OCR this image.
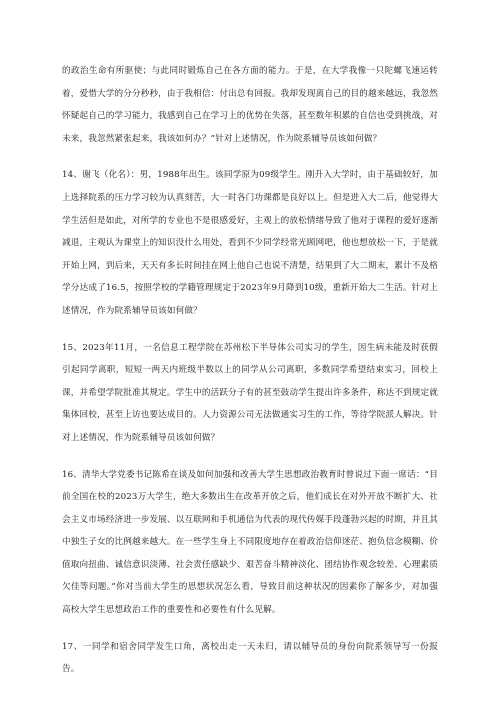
的政治生命有所驱使；与此同时锻炼自己在各方面的能力。于是，在大学我像一只陀螺飞速运转着，爱惜大学的分分秒秒，由于我相信：付出总有回报。我却发现离自己的目的越来越远，我忽然怀疑起自己的学习能力，我感到自己在学习上的优势在失落，甚至数年积累的自信也受到挑战，对未来，我忽然紧张起来，我该如何办？”针对上述情况，作为院系辅导员该如何做？

14、谢飞（化名）：男，1988年出生。该同学原为09级学生。刚升入大学时，由于基础较好，加上选择院系的压力学习较为认真刻苦，大一时各门功课都是良好以上。但是进入大二后，他觉得大学生活但是如此，对所学的专业也不是很感爱好，主观上的放松情绪导致了他对于课程的爱好逐渐减退，主观认为课堂上的知识没什么用处，看到不少同学经常光顾网吧，他也想放松一下，于是就开始上网，到后来，天天有多长时间挂在网上他自己也说不清楚，结果到了大二期末，累计不及格学分达成了16.5，按照学校的学籍管理规定于2023年9月降到10级，重新开始大二生活。针对上述情况，作为院系辅导员该如何做？

15、2023年11月，一名信息工程学院在苏州松下半导体公司实习的学生，因生病未能及时获假引起同学离职，短短一两天内班级半数以上的同学从公司离职，多数同学希望结束实习，回校上课，并希望学院批准其规定。学生中的活跃分子有的甚至鼓动学生提出许多条件，称达不到规定就集体回校，甚至上访也要达成目的。人力资源公司无法做通实习生的工作，等待学院派人解决。针对上述情况，作为院系辅导员该如何做？

16、清华大学党委书记陈希在谈及如何加强和改善大学生思想政治教育时曾说过下面一席话：“目前全国在校的2023万大学生，绝大多数出生在改革开放之后，他们成长在对外开放不断扩大、社会主义市场经济进一步发展、以互联网和手机通信为代表的现代传媒手段蓬勃兴起的时期，并且其中独生子女的比例越来越大。在一些学生身上不同限度地存在着政治信仰迷茫、抱负信念模糊、价值取向扭曲、诚信意识淡薄、社会责任感缺少、艰苦奋斗精神淡化、团结协作观念较差、心理素质欠佳等问题。”你对当前大学生的思想状况怎么看，导致目前这种状况的因素你了解多少，对加强高校大学生思想政治工作的重要性和必要性有什么见解。

17、一同学和宿舍同学发生口角，离校出走一天未归，请以辅导员的身份向院系领导写一份报告。
